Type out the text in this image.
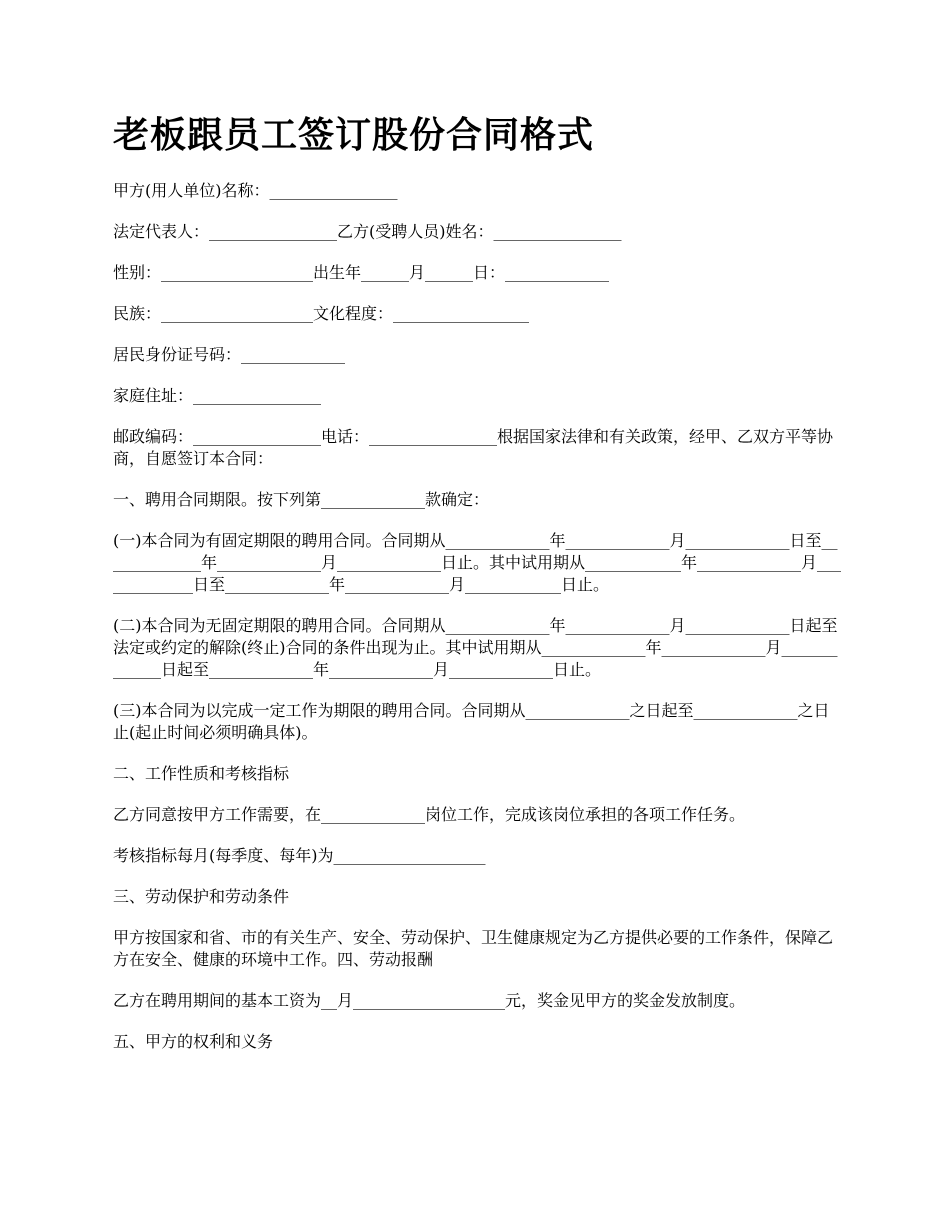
老板跟员工签订股份合同格式

甲方(用人单位)名称：________________

法定代表人：________________乙方(受聘人员)姓名：________________

性别：___________________出生年______月______日：_____________

民族：___________________文化程度：_________________

居民身份证号码：_____________

家庭住址：________________

邮政编码：________________电话：________________根据国家法律和有关政策，经甲、乙双方平等协商，自愿签订本合同：

一、聘用合同期限。按下列第_____________款确定：

(一)本合同为有固定期限的聘用合同。合同期从_____________年_____________月_____________日至_____________年_____________月_____________日止。其中试用期从____________年_____________月_____________日至_____________年_____________月____________日止。

(二)本合同为无固定期限的聘用合同。合同期从_____________年_____________月_____________日起至法定或约定的解除(终止)合同的条件出现为止。其中试用期从_____________年_____________月_____________日起至_____________年_____________月_____________日止。

(三)本合同为以完成一定工作为期限的聘用合同。合同期从_____________之日起至_____________之日止(起止时间必须明确具体)。

二、工作性质和考核指标

乙方同意按甲方工作需要，在_____________岗位工作，完成该岗位承担的各项工作任务。

考核指标每月(每季度、每年)为___________________

三、劳动保护和劳动条件

甲方按国家和省、市的有关生产、安全、劳动保护、卫生健康规定为乙方提供必要的工作条件，保障乙方在安全、健康的环境中工作。四、劳动报酬

乙方在聘用期间的基本工资为__月___________________元，奖金见甲方的奖金发放制度。

五、甲方的权利和义务
